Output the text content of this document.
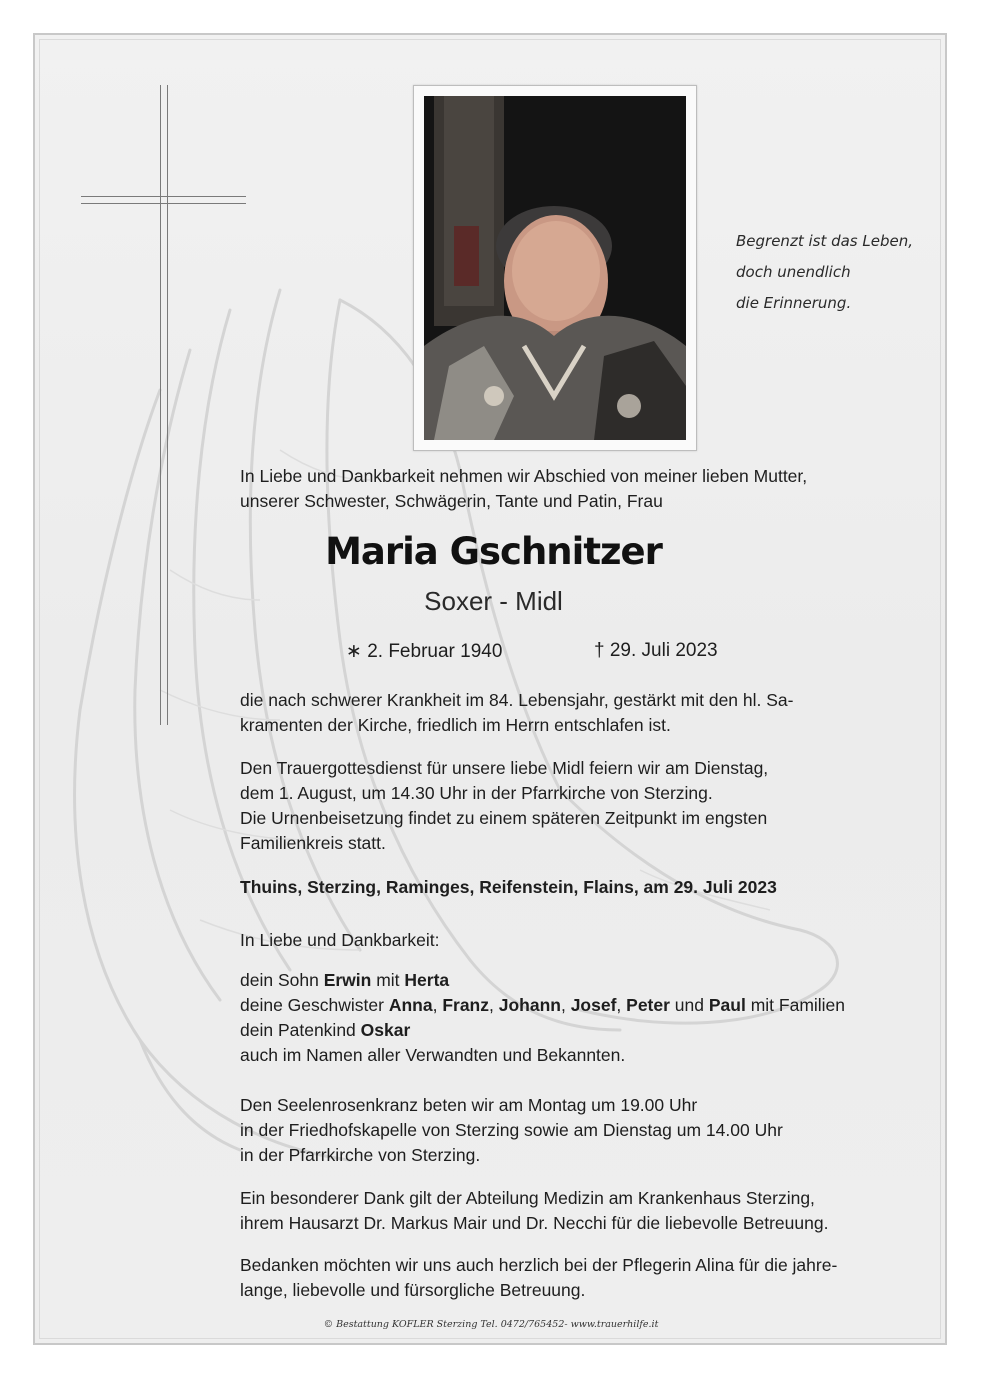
Begrenzt ist das Leben,
doch unendlich
die Erinnerung.
In Liebe und Dankbarkeit nehmen wir Abschied von meiner lieben Mutter,
unserer Schwester, Schwägerin, Tante und Patin, Frau
Maria Gschnitzer
Soxer - Midl
∗ 2. Februar 1940	† 29. Juli 2023
die nach schwerer Krankheit im 84. Lebensjahr, gestärkt mit den hl. Sa-
kramenten der Kirche, friedlich im Herrn entschlafen ist.
Den Trauergottesdienst für unsere liebe Midl feiern wir am Dienstag,
dem 1. August, um 14.30 Uhr in der Pfarrkirche von Sterzing.
Die Urnenbeisetzung findet zu einem späteren Zeitpunkt im engsten
Familienkreis statt.
Thuins, Sterzing, Raminges, Reifenstein, Flains, am 29. Juli 2023
In Liebe und Dankbarkeit:
dein Sohn Erwin mit Herta
deine Geschwister Anna, Franz, Johann, Josef, Peter und Paul mit Familien
dein Patenkind Oskar
auch im Namen aller Verwandten und Bekannten.
Den Seelenrosenkranz beten wir am Montag um 19.00 Uhr
in der Friedhofskapelle von Sterzing sowie am Dienstag um 14.00 Uhr
in der Pfarrkirche von Sterzing.
Ein besonderer Dank gilt der Abteilung Medizin am Krankenhaus Sterzing,
ihrem Hausarzt Dr. Markus Mair und Dr. Necchi für die liebevolle Betreuung.
Bedanken möchten wir uns auch herzlich bei der Pflegerin Alina für die jahre-
lange, liebevolle und fürsorgliche Betreuung.
© Bestattung KOFLER Sterzing Tel. 0472/765452- www.trauerhilfe.it
